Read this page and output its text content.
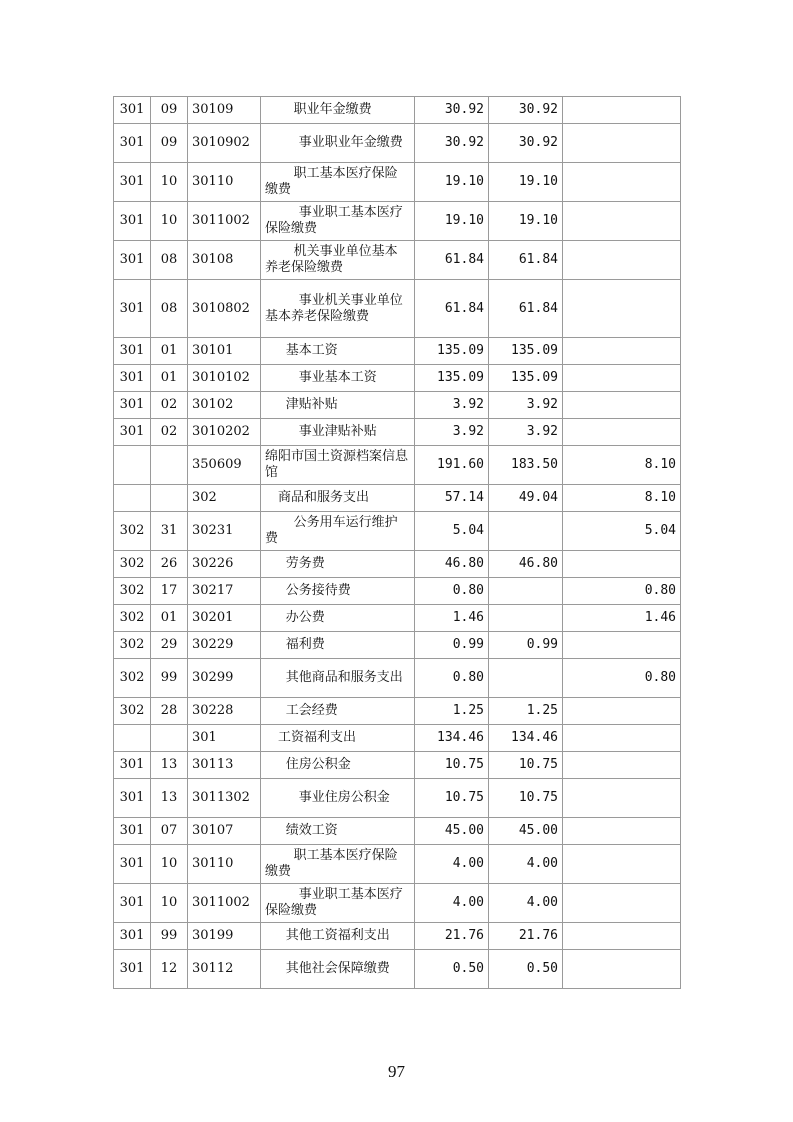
301	09	30109	职业年金缴费	30.92	30.92	
301	09	3010902	事业职业年金缴费	30.92	30.92	
301	10	30110	职工基本医疗保险缴费	19.10	19.10	
301	10	3011002	事业职工基本医疗保险缴费	19.10	19.10	
301	08	30108	机关事业单位基本养老保险缴费	61.84	61.84	
301	08	3010802	事业机关事业单位基本养老保险缴费	61.84	61.84	
301	01	30101	基本工资	135.09	135.09	
301	01	3010102	事业基本工资	135.09	135.09	
301	02	30102	津贴补贴	3.92	3.92	
301	02	3010202	事业津贴补贴	3.92	3.92	
		350609	绵阳市国土资源档案信息馆	191.60	183.50	8.10
		302	商品和服务支出	57.14	49.04	8.10
302	31	30231	公务用车运行维护费	5.04		5.04
302	26	30226	劳务费	46.80	46.80	
302	17	30217	公务接待费	0.80		0.80
302	01	30201	办公费	1.46		1.46
302	29	30229	福利费	0.99	0.99	
302	99	30299	其他商品和服务支出	0.80		0.80
302	28	30228	工会经费	1.25	1.25	
		301	工资福利支出	134.46	134.46	
301	13	30113	住房公积金	10.75	10.75	
301	13	3011302	事业住房公积金	10.75	10.75	
301	07	30107	绩效工资	45.00	45.00	
301	10	30110	职工基本医疗保险缴费	4.00	4.00	
301	10	3011002	事业职工基本医疗保险缴费	4.00	4.00	
301	99	30199	其他工资福利支出	21.76	21.76	
301	12	30112	其他社会保障缴费	0.50	0.50	
97
